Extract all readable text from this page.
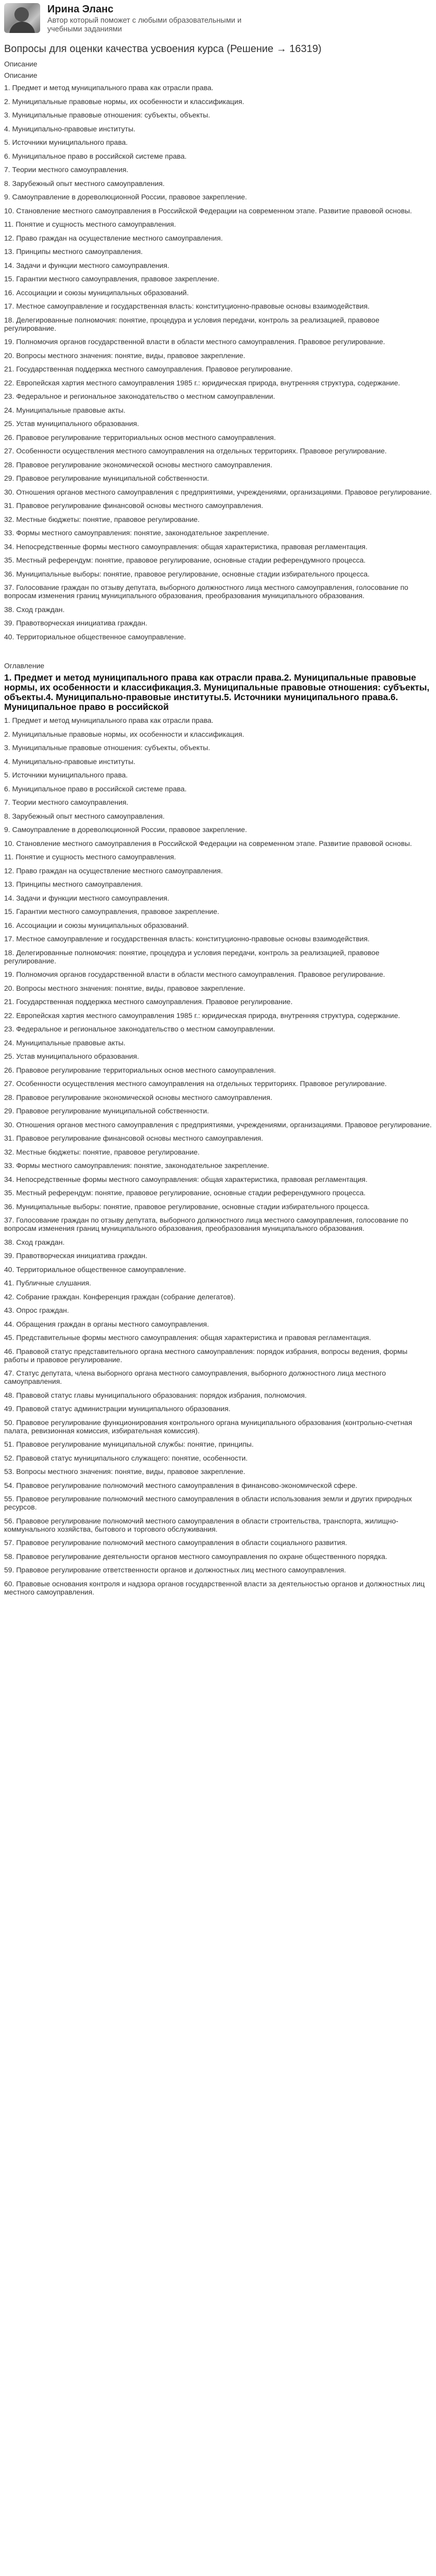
Ирина Эланс
Автор который поможет с любыми образовательными и учебными заданиями
Вопросы для оценки качества усвоения курса (Решение → 16319)
Описание
Описание
1. Предмет и метод муниципального права как отрасли права.
2. Муниципальные правовые нормы, их особенности и классификация.
3. Муниципальные правовые отношения: субъекты, объекты.
4. Муниципально-правовые институты.
5. Источники муниципального права.
6. Муниципальное право в российской системе права.
7. Теории местного самоуправления.
8. Зарубежный опыт местного самоуправления.
9. Самоуправление в дореволюционной России, правовое закрепление.
10. Становление местного самоуправления в Российской Федерации на современном этапе. Развитие правовой основы.
11. Понятие и сущность местного самоуправления.
12. Право граждан на осуществление местного самоуправления.
13. Принципы местного самоуправления.
14. Задачи и функции местного самоуправления.
15. Гарантии местного самоуправления, правовое закрепление.
16. Ассоциации и союзы муниципальных образований.
17. Местное самоуправление и государственная власть: конституционно-правовые основы взаимодействия.
18. Делегированные полномочия: понятие, процедура и условия передачи, контроль за реализацией, правовое регулирование.
19. Полномочия органов государственной власти в области местного самоуправления. Правовое регулирование.
20. Вопросы местного значения: понятие, виды, правовое закрепление.
21. Государственная поддержка местного самоуправления. Правовое регулирование.
22. Европейская хартия местного самоуправления 1985 г.: юридическая природа, внутренняя структура, содержание.
23. Федеральное и региональное законодательство о местном самоуправлении.
24. Муниципальные правовые акты.
25. Устав муниципального образования.
26. Правовое регулирование территориальных основ местного самоуправления.
27. Особенности осуществления местного самоуправления на отдельных территориях. Правовое регулирование.
28. Правовое регулирование экономической основы местного самоуправления.
29. Правовое регулирование муниципальной собственности.
30. Отношения органов местного самоуправления с предприятиями, учреждениями, организациями. Правовое регулирование.
31. Правовое регулирование финансовой основы местного самоуправления.
32. Местные бюджеты: понятие, правовое регулирование.
33. Формы местного самоуправления: понятие, законодательное закрепление.
34. Непосредственные формы местного самоуправления: общая характеристика, правовая регламентация.
35. Местный референдум: понятие, правовое регулирование, основные стадии референдумного процесса.
36. Муниципальные выборы: понятие, правовое регулирование, основные стадии избирательного процесса.
37. Голосование граждан по отзыву депутата, выборного должностного лица местного самоуправления, голосование по вопросам изменения границ муниципального образования, преобразования муниципального образования.
38. Сход граждан.
39. Правотворческая инициатива граждан.
40. Территориальное общественное самоуправление.
Оглавление
1. Предмет и метод муниципального права как отрасли права.2. Муниципальные правовые нормы, их особенности и классификация.3. Муниципальные правовые отношения: субъекты, объекты.4. Муниципально-правовые институты.5. Источники муниципального права.6. Муниципальное право в российской
1. Предмет и метод муниципального права как отрасли права.
2. Муниципальные правовые нормы, их особенности и классификация.
3. Муниципальные правовые отношения: субъекты, объекты.
4. Муниципально-правовые институты.
5. Источники муниципального права.
6. Муниципальное право в российской системе права.
7. Теории местного самоуправления.
8. Зарубежный опыт местного самоуправления.
9. Самоуправление в дореволюционной России, правовое закрепление.
10. Становление местного самоуправления в Российской Федерации на современном этапе. Развитие правовой основы.
11. Понятие и сущность местного самоуправления.
12. Право граждан на осуществление местного самоуправления.
13. Принципы местного самоуправления.
14. Задачи и функции местного самоуправления.
15. Гарантии местного самоуправления, правовое закрепление.
16. Ассоциации и союзы муниципальных образований.
17. Местное самоуправление и государственная власть: конституционно-правовые основы взаимодействия.
18. Делегированные полномочия: понятие, процедура и условия передачи, контроль за реализацией, правовое регулирование.
19. Полномочия органов государственной власти в области местного самоуправления. Правовое регулирование.
20. Вопросы местного значения: понятие, виды, правовое закрепление.
21. Государственная поддержка местного самоуправления. Правовое регулирование.
22. Европейская хартия местного самоуправления 1985 г.: юридическая природа, внутренняя структура, содержание.
23. Федеральное и региональное законодательство о местном самоуправлении.
24. Муниципальные правовые акты.
25. Устав муниципального образования.
26. Правовое регулирование территориальных основ местного самоуправления.
27. Особенности осуществления местного самоуправления на отдельных территориях. Правовое регулирование.
28. Правовое регулирование экономической основы местного самоуправления.
29. Правовое регулирование муниципальной собственности.
30. Отношения органов местного самоуправления с предприятиями, учреждениями, организациями. Правовое регулирование.
31. Правовое регулирование финансовой основы местного самоуправления.
32. Местные бюджеты: понятие, правовое регулирование.
33. Формы местного самоуправления: понятие, законодательное закрепление.
34. Непосредственные формы местного самоуправления: общая характеристика, правовая регламентация.
35. Местный референдум: понятие, правовое регулирование, основные стадии референдумного процесса.
36. Муниципальные выборы: понятие, правовое регулирование, основные стадии избирательного процесса.
37. Голосование граждан по отзыву депутата, выборного должностного лица местного самоуправления, голосование по вопросам изменения границ муниципального образования, преобразования муниципального образования.
38. Сход граждан.
39. Правотворческая инициатива граждан.
40. Территориальное общественное самоуправление.
41. Публичные слушания.
42. Собрание граждан. Конференция граждан (собрание делегатов).
43. Опрос граждан.
44. Обращения граждан в органы местного самоуправления.
45. Представительные формы местного самоуправления: общая характеристика и правовая регламентация.
46. Правовой статус представительного органа местного самоуправления: порядок избрания, вопросы ведения, формы работы и правовое регулирование.
47. Статус депутата, члена выборного органа местного самоуправления, выборного должностного лица местного самоуправления.
48. Правовой статус главы муниципального образования: порядок избрания, полномочия.
49. Правовой статус администрации муниципального образования.
50. Правовое регулирование функционирования контрольного органа муниципального образования (контрольно-счетная палата, ревизионная комиссия, избирательная комиссия).
51. Правовое регулирование муниципальной службы: понятие, принципы.
52. Правовой статус муниципального служащего: понятие, особенности.
53. Вопросы местного значения: понятие, виды, правовое закрепление.
54. Правовое регулирование полномочий местного самоуправления в финансово-экономической сфере.
55. Правовое регулирование полномочий местного самоуправления в области использования земли и других природных ресурсов.
56. Правовое регулирование полномочий местного самоуправления в области строительства, транспорта, жилищно-коммунального хозяйства, бытового и торгового обслуживания.
57. Правовое регулирование полномочий местного самоуправления в области социального развития.
58. Правовое регулирование деятельности органов местного самоуправления по охране общественного порядка.
59. Правовое регулирование ответственности органов и должностных лиц местного самоуправления.
60. Правовые основания контроля и надзора органов государственной власти за деятельностью органов и должностных лиц местного самоуправления.
